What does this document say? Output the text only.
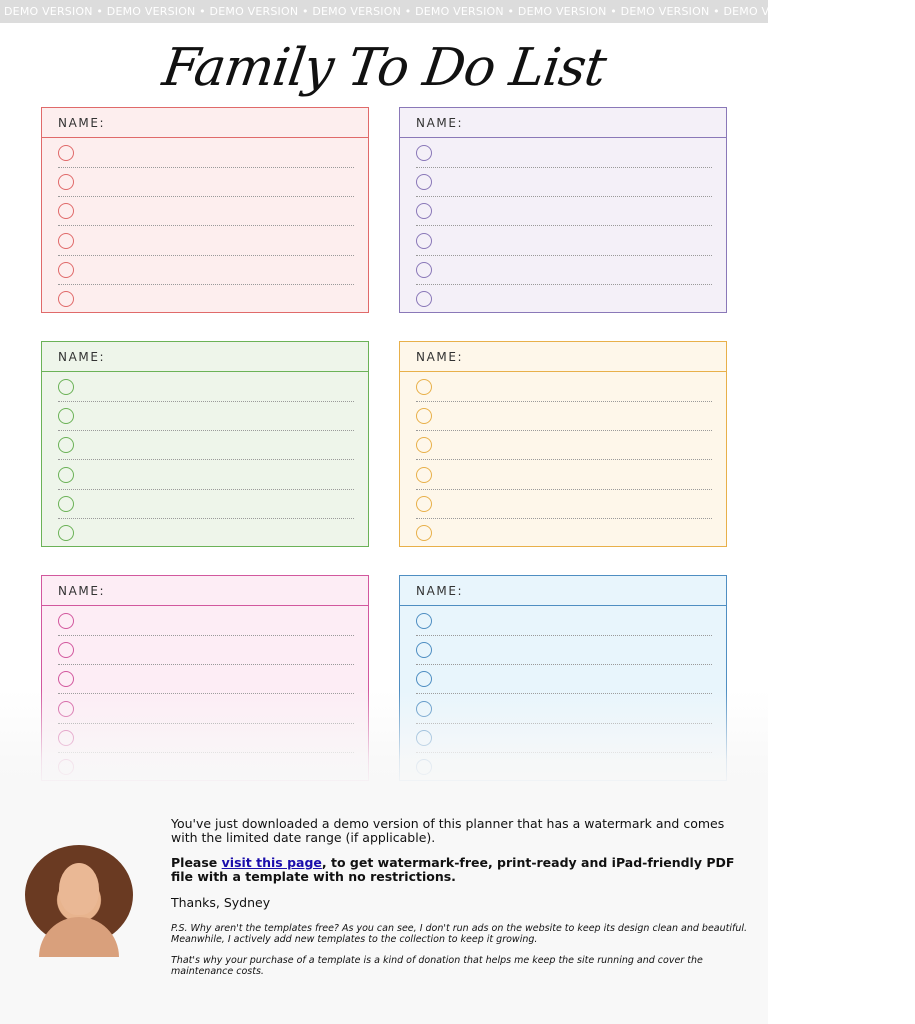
DEMO VERSION • DEMO VERSION • DEMO VERSION • DEMO VERSION • DEMO VERSION • DEMO VERSION • DEMO VERSION • DEMO VERSION • DEMO VERSION
Family To Do List
NAME:	NAME:
NAME:	NAME:
NAME:	NAME:
You've just downloaded a demo version of this planner that has a watermark and comes with the limited date range (if applicable).
Please visit this page, to get watermark-free, print-ready and iPad-friendly PDF file with a template with no restrictions.
Thanks, Sydney
P.S. Why aren't the templates free? As you can see, I don't run ads on the website to keep its design clean and beautiful. Meanwhile, I actively add new templates to the collection to keep it growing.
That's why your purchase of a template is a kind of donation that helps me keep the site running and cover the maintenance costs.
